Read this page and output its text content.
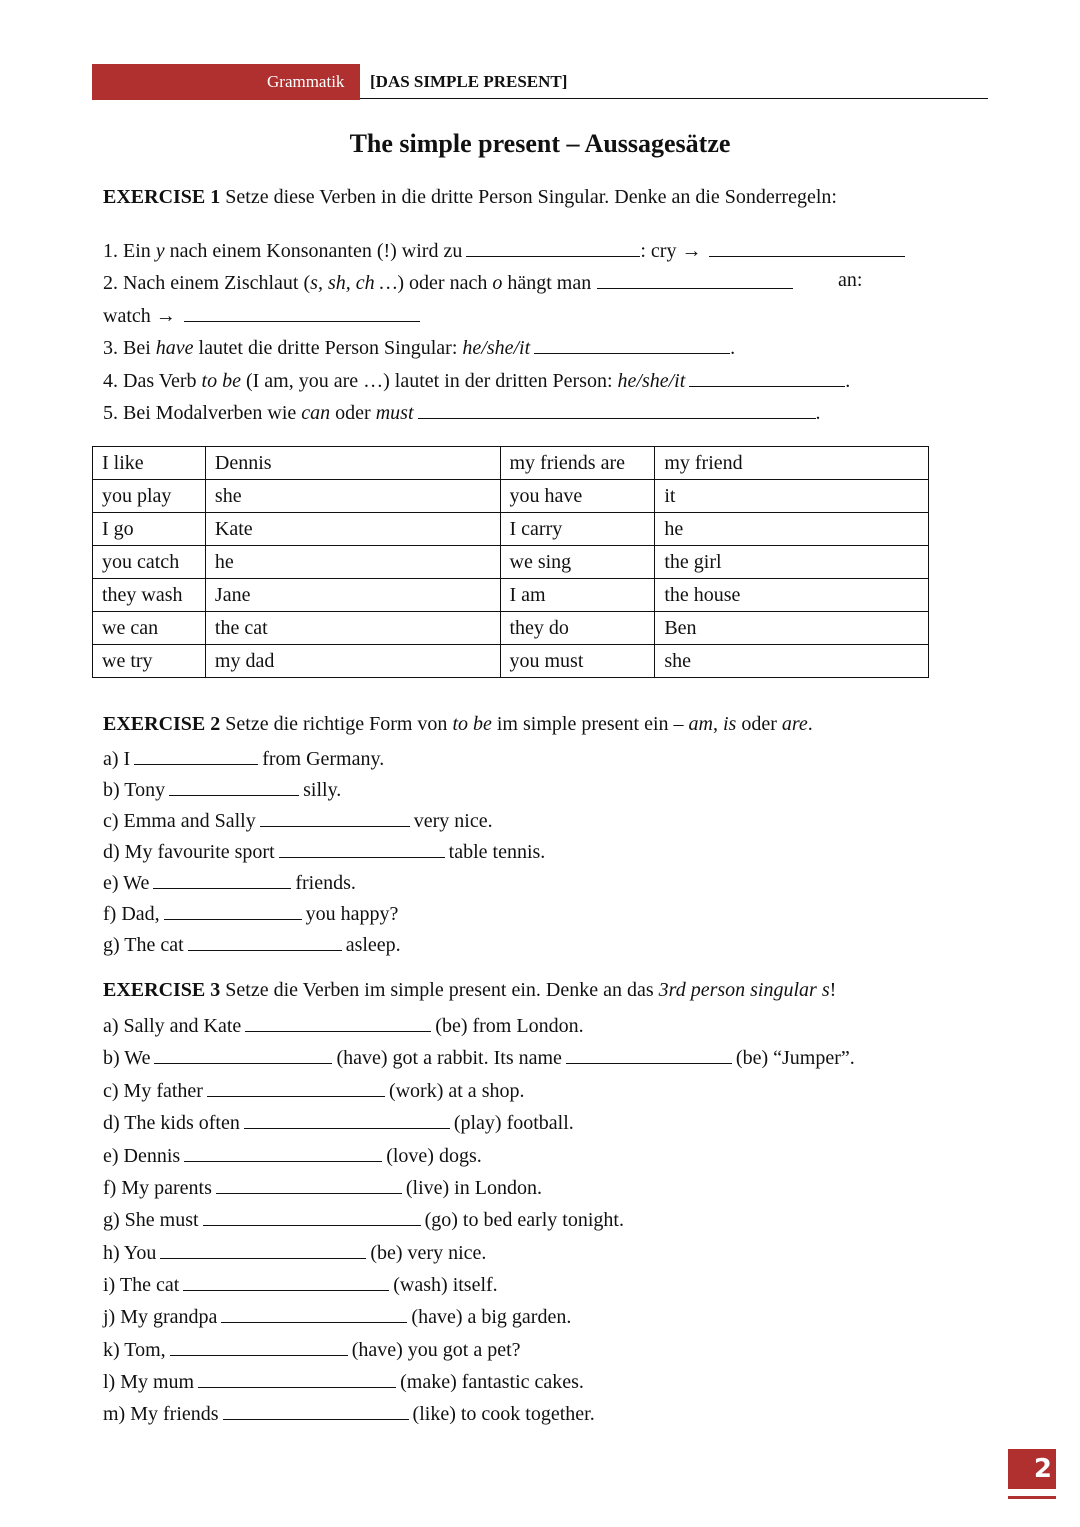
Grammatik [DAS SIMPLE PRESENT]
The simple present – Aussagesätze
EXERCISE 1 Setze diese Verben in die dritte Person Singular. Denke an die Sonderregeln:
1. Ein y nach einem Konsonanten (!) wird zu	: cry →
2. Nach einem Zischlaut (s, sh, ch …) oder nach o hängt man	an:
watch →
3. Bei have lautet die dritte Person Singular: he/she/it	.
4. Das Verb to be (I am, you are …) lautet in der dritten Person: he/she/it	.
5. Bei Modalverben wie can oder must	.
I like	Dennis	my friends are	my friend
you play	she	you have	it
I go	Kate	I carry	he
you catch	he	we sing	the girl
they wash	Jane	I am	the house
we can	the cat	they do	Ben
we try	my dad	you must	she
EXERCISE 2 Setze die richtige Form von to be im simple present ein – am, is oder are.
a) I	from Germany.
b) Tony	silly.
c) Emma and Sally	very nice.
d) My favourite sport	table tennis.
e) We	friends.
f) Dad,	you happy?
g) The cat	asleep.
EXERCISE 3 Setze die Verben im simple present ein. Denke an das 3rd person singular s!
a) Sally and Kate	(be) from London.
b) We	(have) got a rabbit. Its name	(be) “Jumper”.
c) My father	(work) at a shop.
d) The kids often	(play) football.
e) Dennis	(love) dogs.
f) My parents	(live) in London.
g) She must	(go) to bed early tonight.
h) You	(be) very nice.
i) The cat	(wash) itself.
j) My grandpa	(have) a big garden.
k) Tom,	(have) you got a pet?
l) My mum	(make) fantastic cakes.
m) My friends	(like) to cook together.
2
